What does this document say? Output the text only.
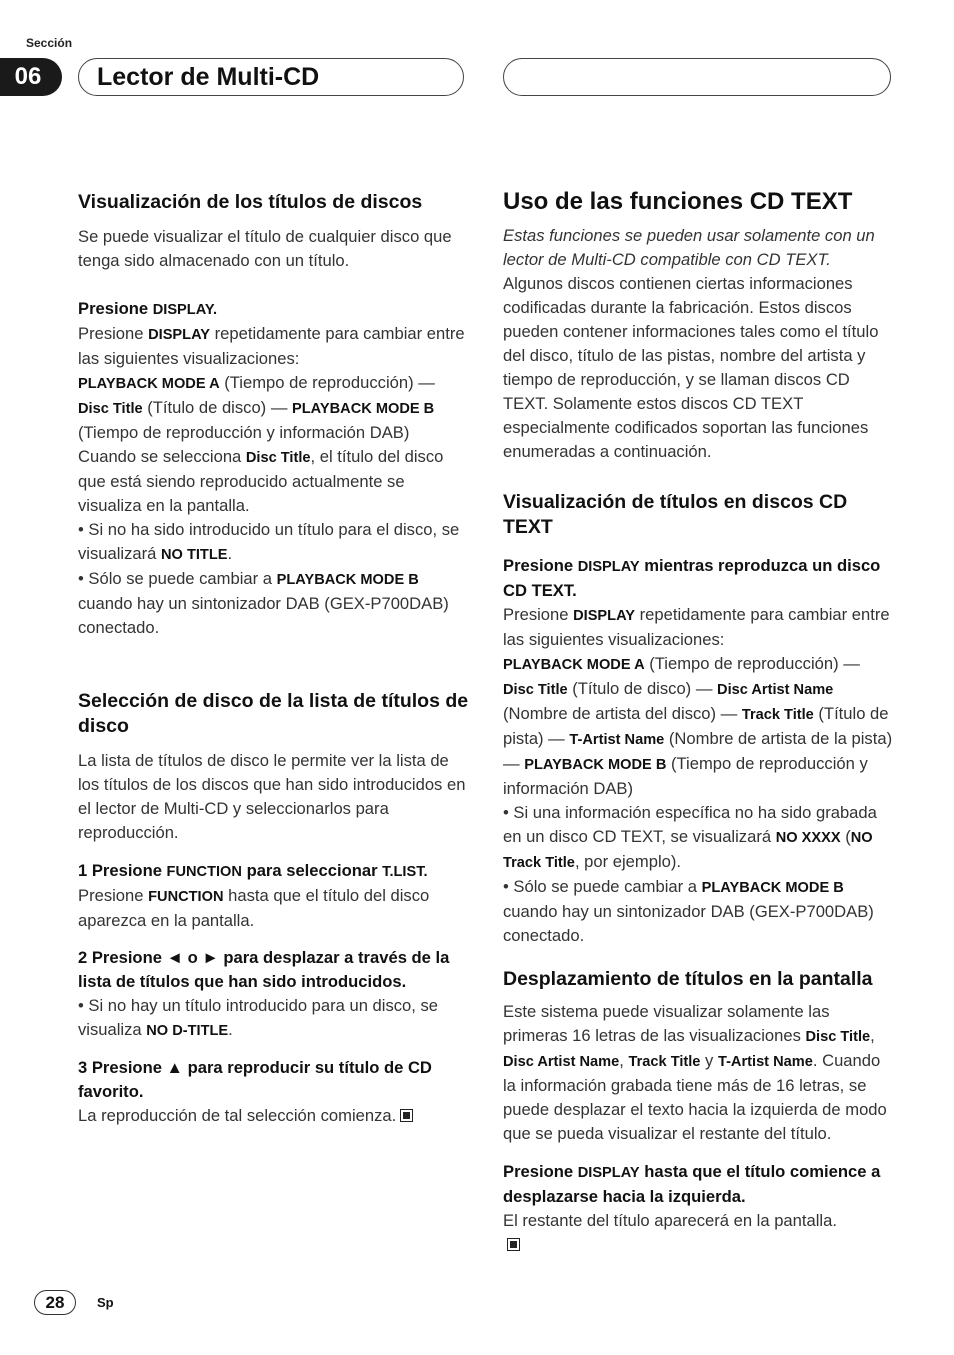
Sección
06	Lector de Multi-CD
Visualización de los títulos de discos

Se puede visualizar el título de cualquier disco que tenga sido almacenado con un título.

Presione DISPLAY.

Presione DISPLAY repetidamente para cambiar entre las siguientes visualizaciones:

PLAYBACK MODE A (Tiempo de reproducción) — Disc Title (Título de disco) — PLAYBACK MODE B (Tiempo de reproducción y información DAB)

Cuando se selecciona Disc Title, el título del disco que está siendo reproducido actualmente se visualiza en la pantalla.

• Si no ha sido introducido un título para el disco, se visualizará NO TITLE.

• Sólo se puede cambiar a PLAYBACK MODE B cuando hay un sintonizador DAB (GEX-P700DAB) conectado.

Selección de disco de la lista de títulos de disco

La lista de títulos de disco le permite ver la lista de los títulos de los discos que han sido introducidos en el lector de Multi-CD y seleccionarlos para reproducción.

1 Presione FUNCTION para seleccionar T.LIST.

Presione FUNCTION hasta que el título del disco aparezca en la pantalla.

2 Presione ◄ o ► para desplazar a través de la lista de títulos que han sido introducidos.

• Si no hay un título introducido para un disco, se visualiza NO D-TITLE.

3 Presione ▲ para reproducir su título de CD favorito.

La reproducción de tal selección comienza.

Uso de las funciones CD TEXT

Estas funciones se pueden usar solamente con un lector de Multi-CD compatible con CD TEXT.

Algunos discos contienen ciertas informaciones codificadas durante la fabricación. Estos discos pueden contener informaciones tales como el título del disco, título de las pistas, nombre del artista y tiempo de reproducción, y se llaman discos CD TEXT. Solamente estos discos CD TEXT especialmente codificados soportan las funciones enumeradas a continuación.

Visualización de títulos en discos CD TEXT

Presione DISPLAY mientras reproduzca un disco CD TEXT.

Presione DISPLAY repetidamente para cambiar entre las siguientes visualizaciones:

PLAYBACK MODE A (Tiempo de reproducción) — Disc Title (Título de disco) — Disc Artist Name (Nombre de artista del disco) — Track Title (Título de pista) — T-Artist Name (Nombre de artista de la pista) — PLAYBACK MODE B (Tiempo de reproducción y información DAB)

• Si una información específica no ha sido grabada en un disco CD TEXT, se visualizará NO XXXX (NO Track Title, por ejemplo).

• Sólo se puede cambiar a PLAYBACK MODE B cuando hay un sintonizador DAB (GEX-P700DAB) conectado.

Desplazamiento de títulos en la pantalla

Este sistema puede visualizar solamente las primeras 16 letras de las visualizaciones Disc Title, Disc Artist Name, Track Title y T-Artist Name. Cuando la información grabada tiene más de 16 letras, se puede desplazar el texto hacia la izquierda de modo que se pueda visualizar el restante del título.

Presione DISPLAY hasta que el título comience a desplazarse hacia la izquierda.

El restante del título aparecerá en la pantalla.

28	Sp
